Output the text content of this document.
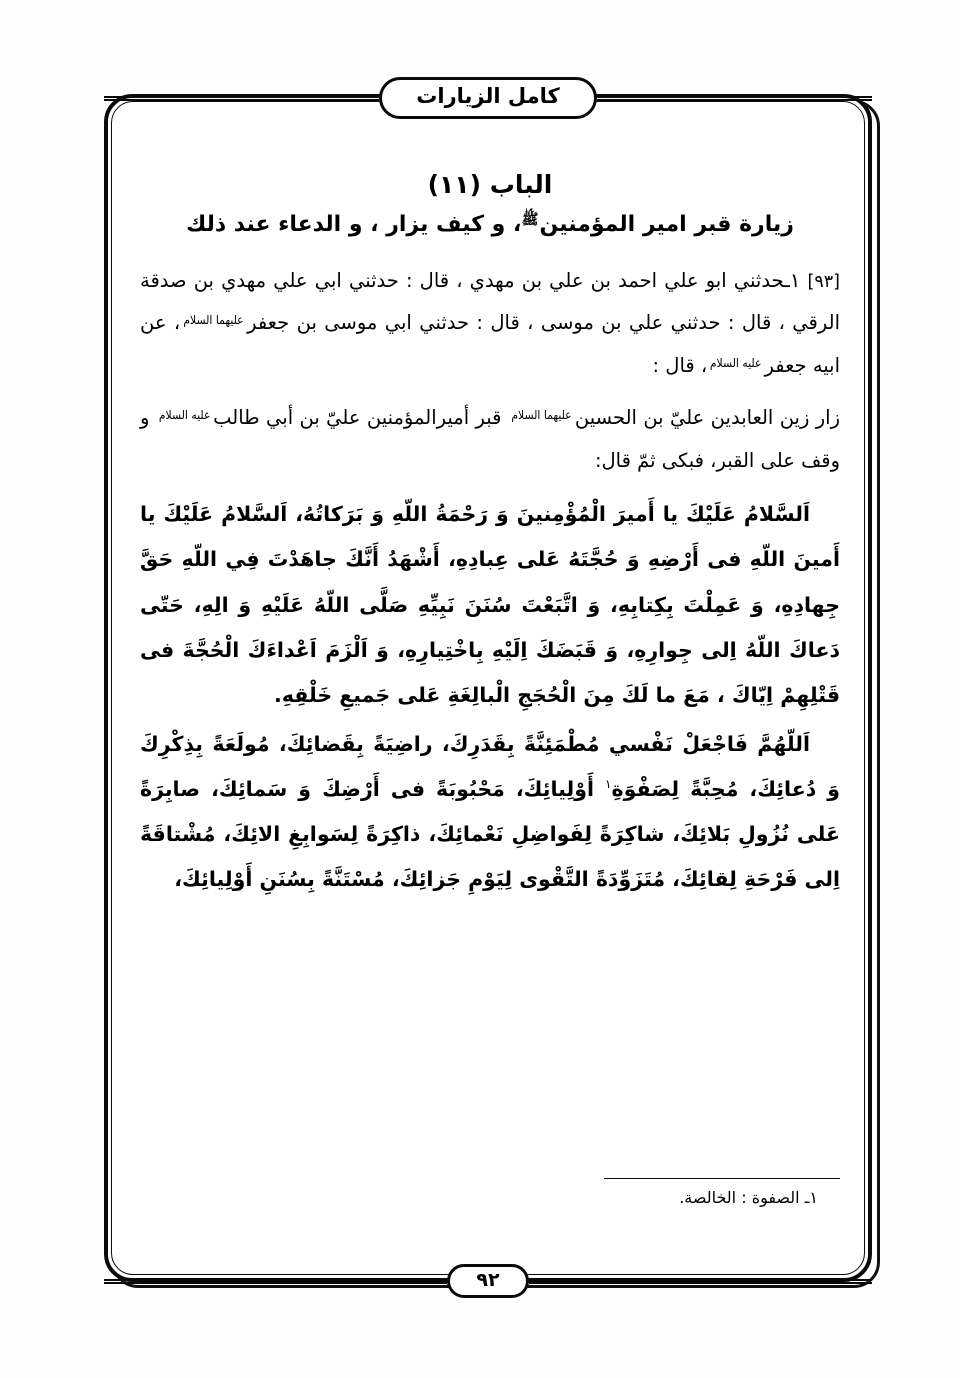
كامل الزيارات
الباب (١١)
زيارة قبر امير المؤمنينﷺ، و كيف يزار ، و الدعاء عند ذلك

[٩٣] ١ـحدثني ابو علي احمد بن علي بن مهدي ، قال : حدثني ابي علي مهدي بن صدقة الرقي ، قال : حدثني علي بن موسى ، قال : حدثني ابي موسى بن جعفرعليهما السلام، عن ابيه جعفرعليه السلام، قال :

زار زين العابدين عليّ بن الحسينعليهما السلام قبر أميرالمؤمنين عليّ بن أبي طالبعليه السلام و وقف على القبر، فبكى ثمّ قال:

اَلسَّلامُ عَلَيْكَ يا أَميرَ الْمُؤْمِنينَ وَ رَحْمَةُ اللّهِ وَ بَرَكاتُهُ، اَلسَّلامُ عَلَيْكَ يا أَمينَ اللّهِ فى أَرْضِهِ وَ حُجَّتَهُ عَلى عِبادِهِ، أَشْهَدُ أَنَّكَ جاهَدْتَ فِي اللّهِ حَقَّ جِهادِهِ، وَ عَمِلْتَ بِكِتابِهِ، وَ اتَّبَعْتَ سُنَنَ نَبِيِّهِ صَلَّى اللّهُ عَلَيْهِ وَ الِهِ، حَتّى دَعاكَ اللّهُ اِلى جِوارِهِ، وَ قَبَضَكَ اِلَيْهِ بِاخْتِيارِهِ، وَ اَلْزَمَ اَعْداءَكَ الْحُجَّةَ فى قَتْلِهِمْ اِيّاكَ ، مَعَ ما لَكَ مِنَ الْحُجَجِ الْبالِغَةِ عَلى جَميعِ خَلْقِهِ.

اَللّهُمَّ فَاجْعَلْ نَفْسي مُطْمَئِنَّةً بِقَدَرِكَ، راضِيَةً بِقَضائِكَ، مُولَعَةً بِذِكْرِكَ وَ دُعائِكَ، مُحِبَّةً لِصَفْوَةِ$^١$ أَوْلِيائِكَ، مَحْبُوبَةً فى أَرْضِكَ وَ سَمائِكَ، صابِرَةً عَلى نُزُولِ بَلائِكَ، شاكِرَةً لِفَواضِلِ نَعْمائِكَ، ذاكِرَةً لِسَوابِغِ الائِكَ، مُشْتاقَةً اِلى فَرْحَةِ لِقائِكَ، مُتَزَوِّدَةً التَّقْوى لِيَوْمِ جَزائِكَ، مُسْتَنَّةً بِسُنَنِ أَوْلِيائِكَ،

١ـ الصفوة : الخالصة.

٩٢
